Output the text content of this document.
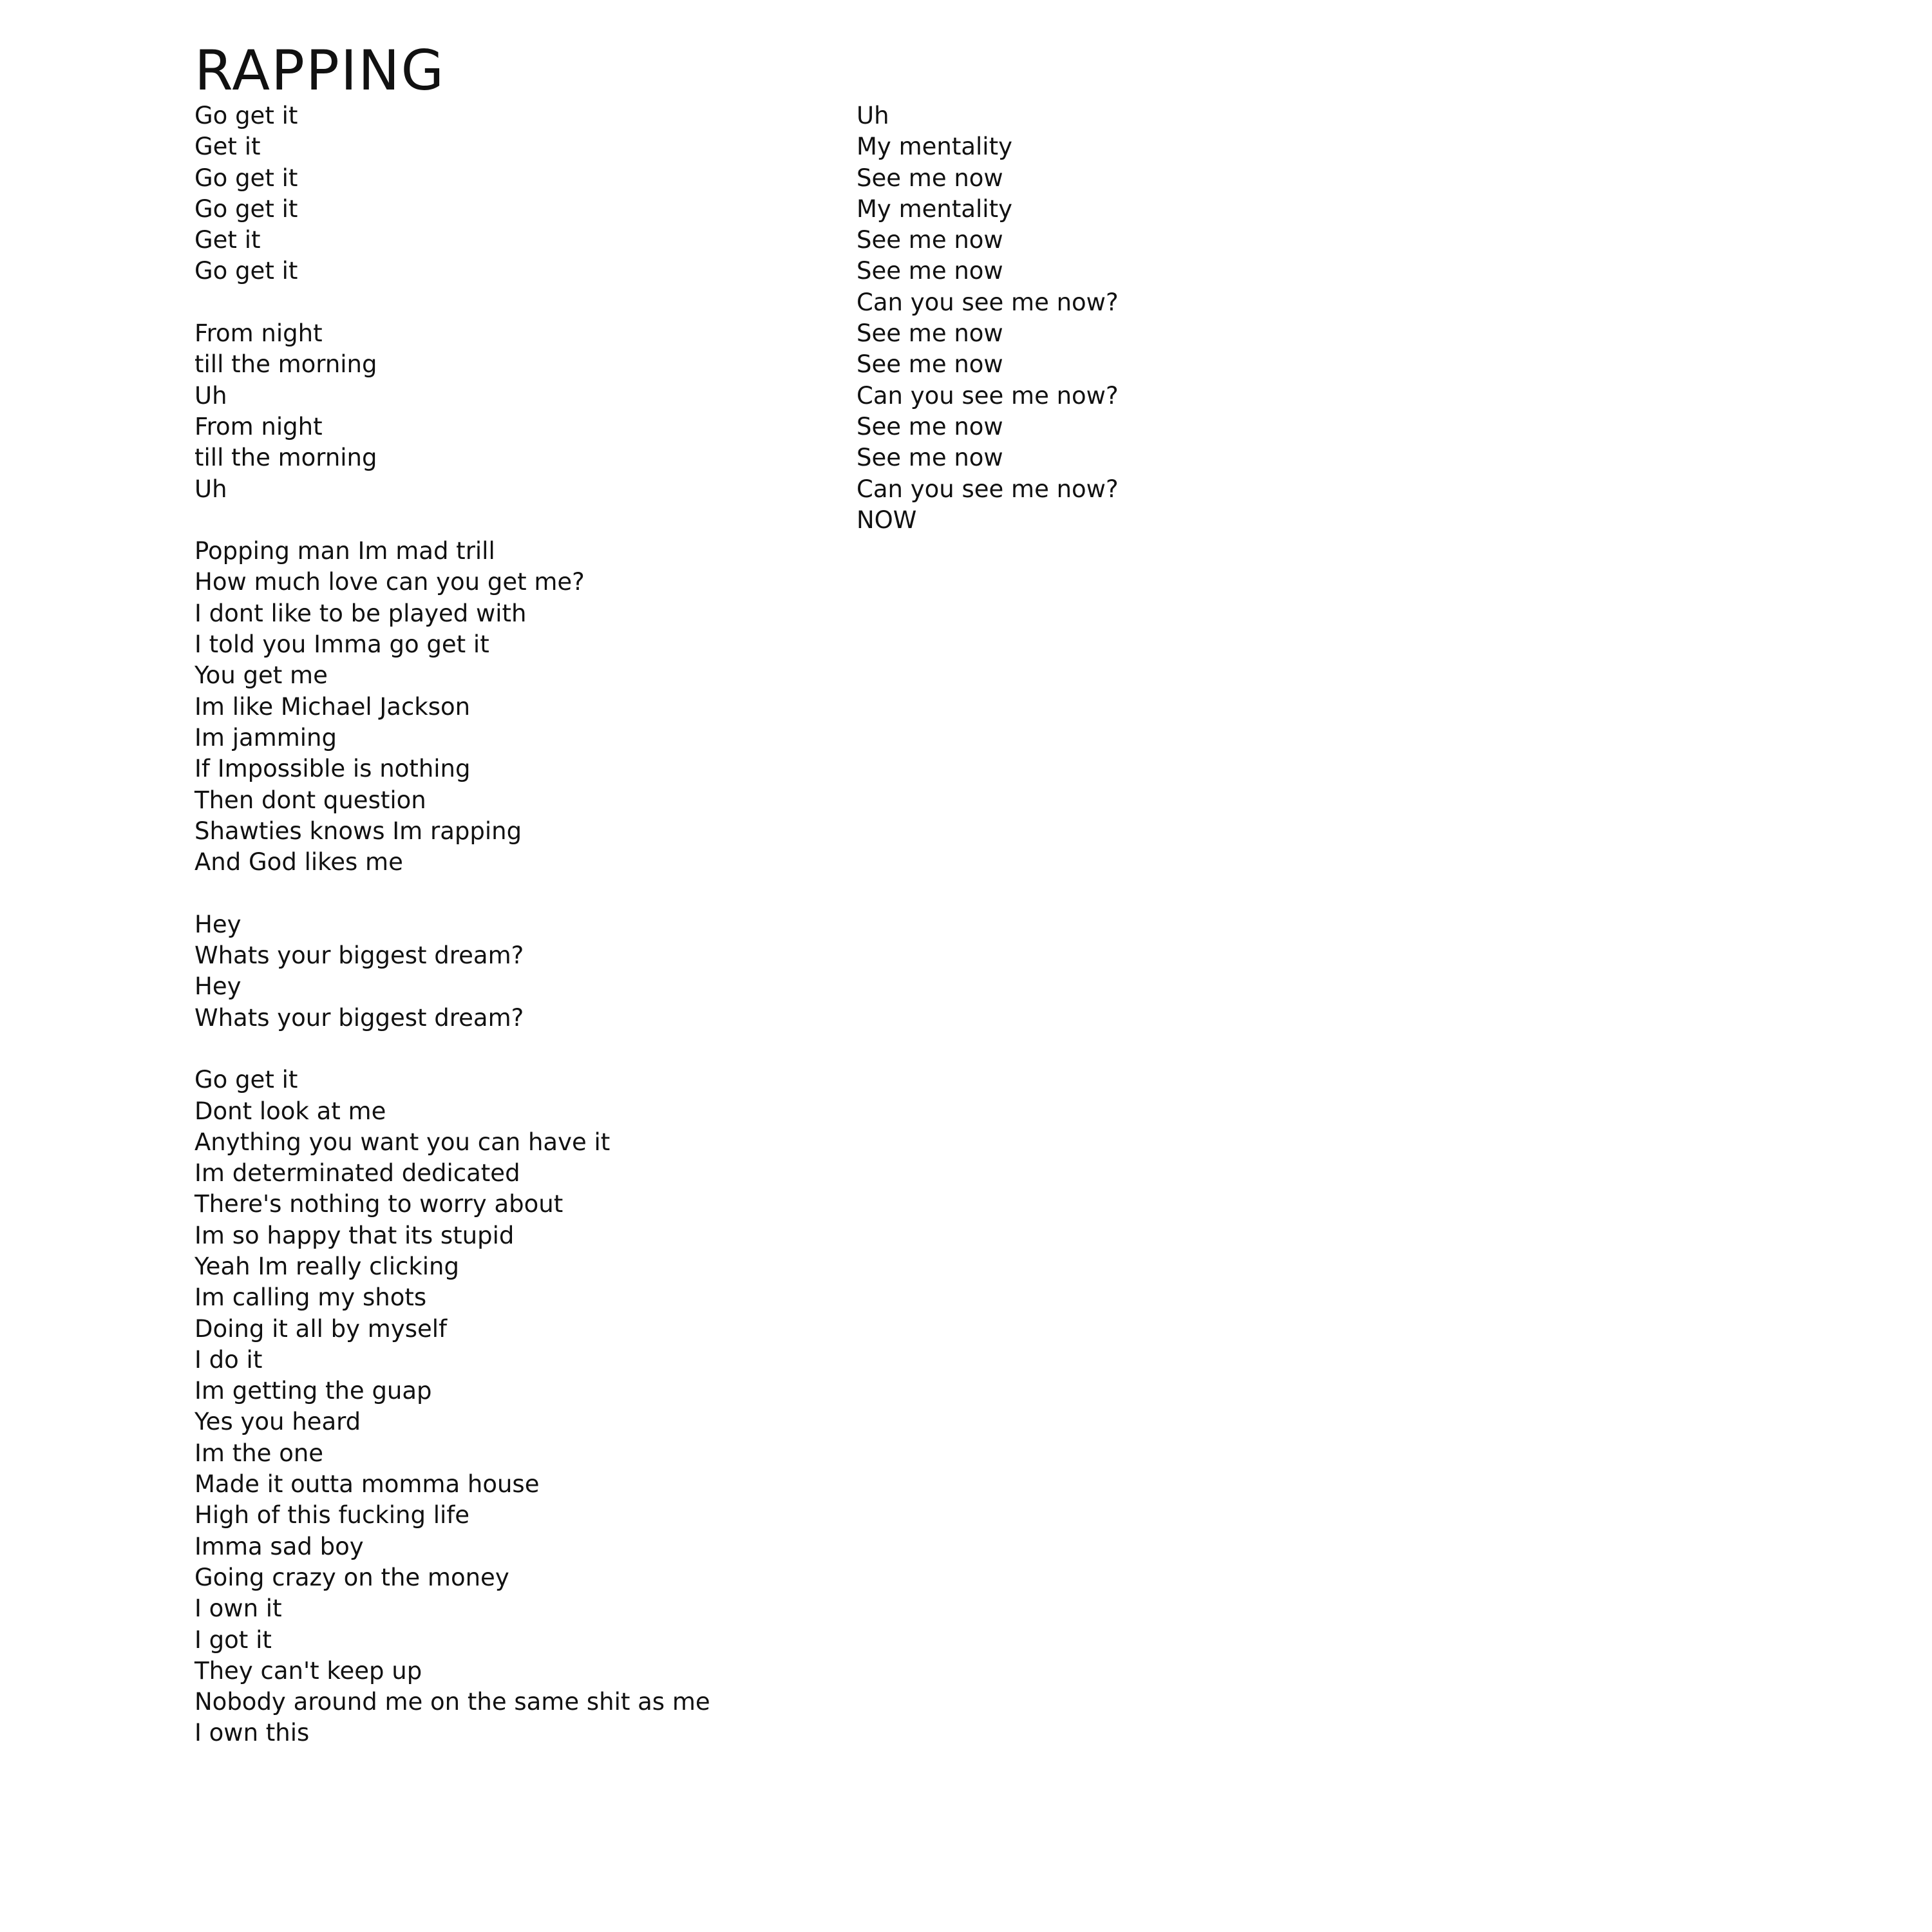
RAPPING
Go get it
Get it
Go get it
Go get it
Get it
Go get it
From night
till the morning
Uh
From night
till the morning
Uh
Popping man Im mad trill
How much love can you get me?
I dont like to be played with
I told you Imma go get it
You get me
Im like Michael Jackson
Im jamming
If Impossible is nothing
Then dont question
Shawties knows Im rapping
And God likes me
Hey
Whats your biggest dream?
Hey
Whats your biggest dream?
Go get it
Dont look at me
Anything you want you can have it
Im determinated dedicated
There's nothing to worry about
Im so happy that its stupid
Yeah Im really clicking
Im calling my shots
Doing it all by myself
I do it
Im getting the guap
Yes you heard
Im the one
Made it outta momma house
High of this fucking life
Imma sad boy
Going crazy on the money
I own it
I got it
They can't keep up
Nobody around me on the same shit as me
I own this
Uh
My mentality
See me now
My mentality
See me now
See me now
Can you see me now?
See me now
See me now
Can you see me now?
See me now
See me now
Can you see me now?
NOW
